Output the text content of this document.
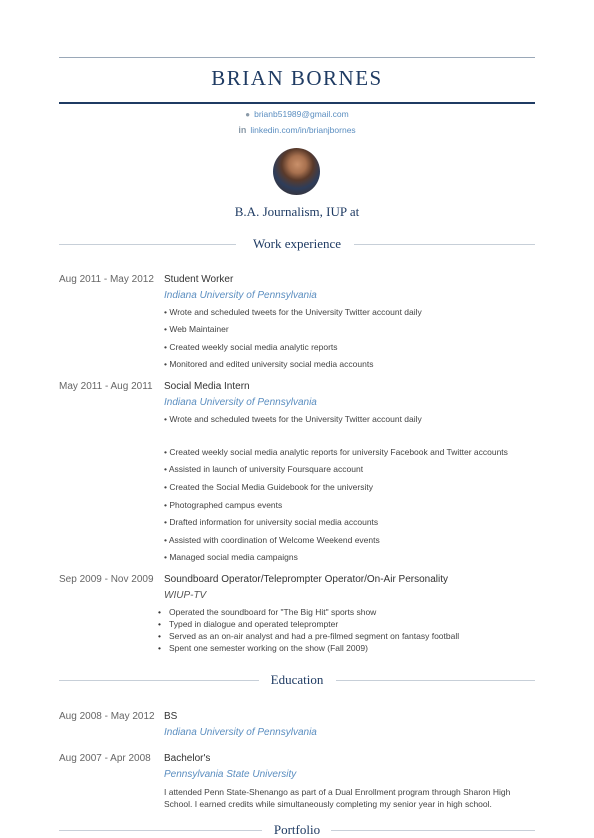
BRIAN BORNES
● brianb51989@gmail.com
in linkedin.com/in/brianjbornes
B.A. Journalism, IUP at
Work experience
Aug 2011 - May 2012 Student Worker
Indiana University of Pennsylvania
• Wrote and scheduled tweets for the University Twitter account daily
• Web Maintainer
• Created weekly social media analytic reports
• Monitored and edited university social media accounts
May 2011 - Aug 2011 Social Media Intern
Indiana University of Pennsylvania
• Wrote and scheduled tweets for the University Twitter account daily
• Created weekly social media analytic reports for university Facebook and Twitter accounts
• Assisted in launch of university Foursquare account
• Created the Social Media Guidebook for the university
• Photographed campus events
• Drafted information for university social media accounts
• Assisted with coordination of Welcome Weekend events
• Managed social media campaigns
Sep 2009 - Nov 2009 Soundboard Operator/Teleprompter Operator/On-Air Personality
WIUP-TV
• Operated the soundboard for "The Big Hit" sports show
• Typed in dialogue and operated teleprompter
• Served as an on-air analyst and had a pre-filmed segment on fantasy football
• Spent one semester working on the show (Fall 2009)
Education
Aug 2008 - May 2012 BS
Indiana University of Pennsylvania
Aug 2007 - Apr 2008 Bachelor's
Pennsylvania State University
I attended Penn State-Shenango as part of a Dual Enrollment program through Sharon High
School. I earned credits while simultaneously completing my senior year in high school.
Portfolio
